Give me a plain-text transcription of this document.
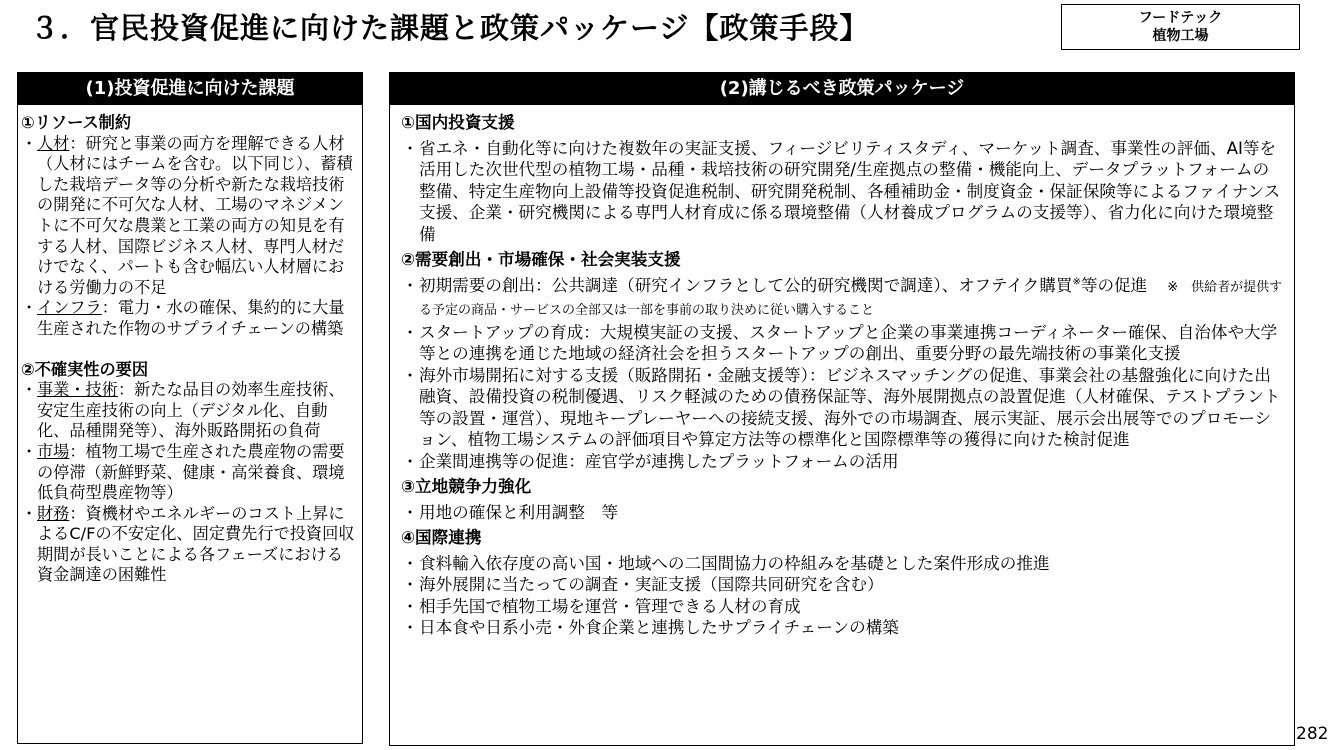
３．官民投資促進に向けた課題と政策パッケージ【政策手段】	フードテック
植物工場
(1)投資促進に向けた課題
①リソース制約
・ 人材：研究と事業の両方を理解できる人材（人材にはチームを含む。以下同じ）、蓄積した栽培データ等の分析や新たな栽培技術の開発に不可欠な人材、工場のマネジメントに不可欠な農業と工業の両方の知見を有する人材、国際ビジネス人材、専門人材だけでなく、パートも含む幅広い人材層における労働力の不足
・ インフラ：電力・水の確保、集約的に大量生産された作物のサプライチェーンの構築
②不確実性の要因
・ 事業・技術：新たな品目の効率生産技術、安定生産技術の向上（デジタル化、自動化、品種開発等）、海外販路開拓の負荷
・ 市場：植物工場で生産された農産物の需要の停滞（新鮮野菜、健康・高栄養食、環境低負荷型農産物等）
・ 財務：資機材やエネルギーのコスト上昇によるC/Fの不安定化、固定費先行で投資回収期間が長いことによる各フェーズにおける資金調達の困難性
(2)講じるべき政策パッケージ
①国内投資支援
・ 省エネ・自動化等に向けた複数年の実証支援、フィージビリティスタディ、マーケット調査、事業性の評価、AI等を活用した次世代型の植物工場・品種・栽培技術の研究開発/生産拠点の整備・機能向上、データプラットフォームの整備、特定生産物向上設備等投資促進税制、研究開発税制、各種補助金・制度資金・保証保険等によるファイナンス支援、企業・研究機関による専門人材育成に係る環境整備（人材養成プログラムの支援等）、省力化に向けた環境整備
②需要創出・市場確保・社会実装支援
・ 初期需要の創出：公共調達（研究インフラとして公的研究機関で調達）、オフテイク購買※等の促進 ※　供給者が提供する予定の商品・サービスの全部又は一部を事前の取り決めに従い購入すること
・ スタートアップの育成：大規模実証の支援、スタートアップと企業の事業連携コーディネーター確保、自治体や大学等との連携を通じた地域の経済社会を担うスタートアップの創出、重要分野の最先端技術の事業化支援
・ 海外市場開拓に対する支援（販路開拓・金融支援等）：ビジネスマッチングの促進、事業会社の基盤強化に向けた出融資、設備投資の税制優遇、リスク軽減のための債務保証等、海外展開拠点の設置促進（人材確保、テストプラント等の設置・運営）、現地キープレーヤーへの接続支援、海外での市場調査、展示実証、展示会出展等でのプロモーション、植物工場システムの評価項目や算定方法等の標準化と国際標準等の獲得に向けた検討促進
・ 企業間連携等の促進：産官学が連携したプラットフォームの活用
③立地競争力強化
・ 用地の確保と利用調整　等
④国際連携
・ 食料輸入依存度の高い国・地域への二国間協力の枠組みを基礎とした案件形成の推進
・ 海外展開に当たっての調査・実証支援（国際共同研究を含む）
・ 相手先国で植物工場を運営・管理できる人材の育成
・ 日本食や日系小売・外食企業と連携したサプライチェーンの構築
282
